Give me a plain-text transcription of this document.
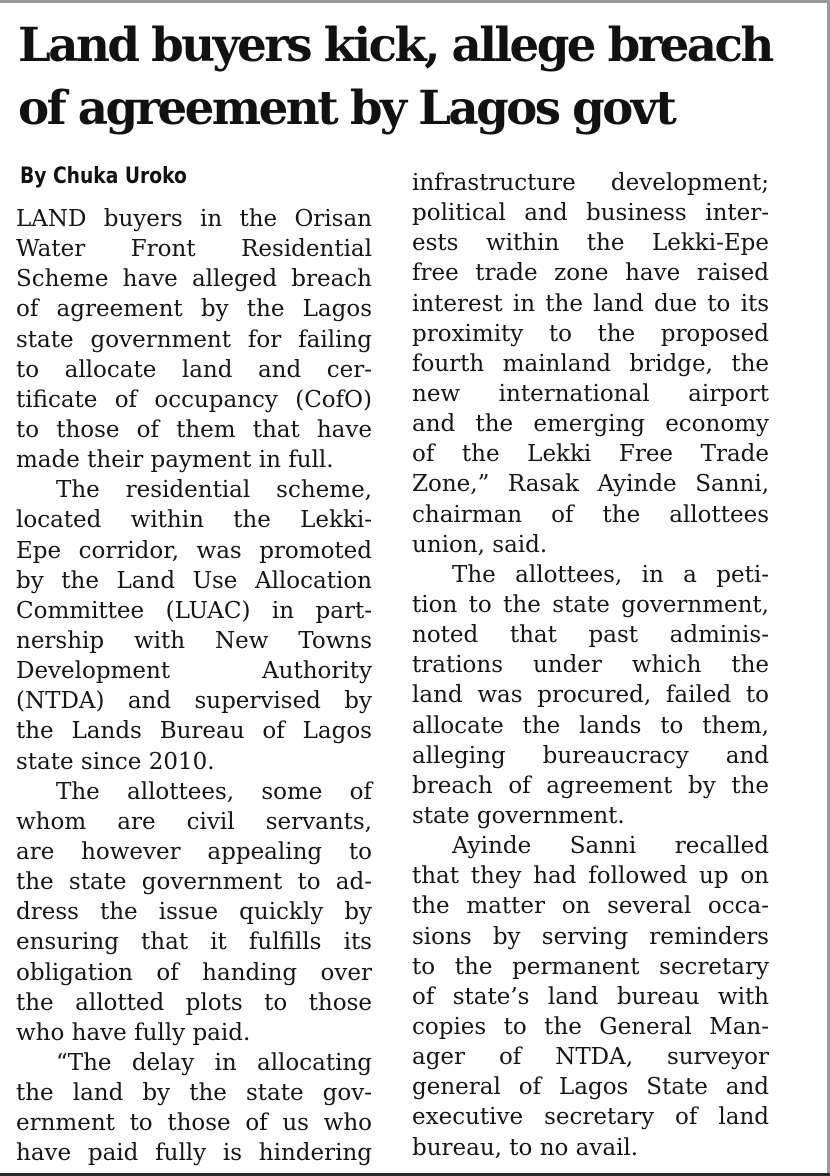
Land buyers kick, allege breach
of agreement by Lagos govt
By Chuka Uroko
LAND buyers in the Orisan
Water Front Residential
Scheme have alleged breach
of agreement by the Lagos
state government for failing
to allocate land and cer-
tificate of occupancy (CofO)
to those of them that have
made their payment in full.
The residential scheme,
located within the Lekki-
Epe corridor, was promoted
by the Land Use Allocation
Committee (LUAC) in part-
nership with New Towns
Development Authority
(NTDA) and supervised by
the Lands Bureau of Lagos
state since 2010.
The allottees, some of
whom are civil servants,
are however appealing to
the state government to ad-
dress the issue quickly by
ensuring that it fulfills its
obligation of handing over
the allotted plots to those
who have fully paid.
“The delay in allocating
the land by the state gov-
ernment to those of us who
have paid fully is hindering
infrastructure development;
political and business inter-
ests within the Lekki-Epe
free trade zone have raised
interest in the land due to its
proximity to the proposed
fourth mainland bridge, the
new international airport
and the emerging economy
of the Lekki Free Trade
Zone,” Rasak Ayinde Sanni,
chairman of the allottees
union, said.
The allottees, in a peti-
tion to the state government,
noted that past adminis-
trations under which the
land was procured, failed to
allocate the lands to them,
alleging bureaucracy and
breach of agreement by the
state government.
Ayinde Sanni recalled
that they had followed up on
the matter on several occa-
sions by serving reminders
to the permanent secretary
of state’s land bureau with
copies to the General Man-
ager of NTDA, surveyor
general of Lagos State and
executive secretary of land
bureau, to no avail.
